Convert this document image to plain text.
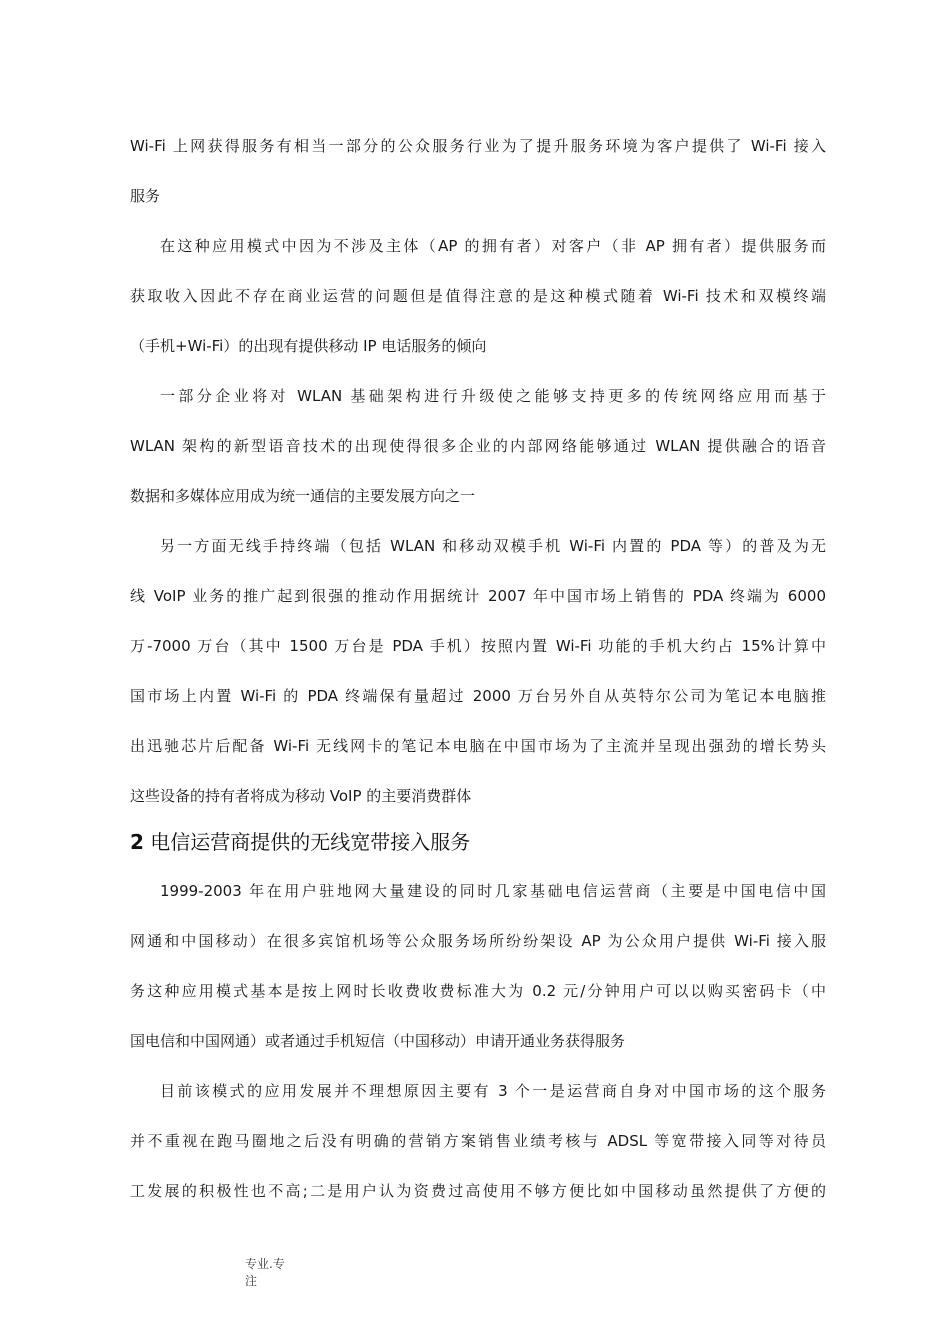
Wi-Fi 上网获得服务有相当一部分的公众服务行业为了提升服务环境为客户提供了 Wi-Fi 接入
服务
在这种应用模式中因为不涉及主体（AP 的拥有者）对客户（非 AP 拥有者）提供服务而
获取收入因此不存在商业运营的问题但是值得注意的是这种模式随着 Wi-Fi 技术和双模终端
（手机+Wi-Fi）的出现有提供移动 IP 电话服务的倾向
一部分企业将对 WLAN 基础架构进行升级使之能够支持更多的传统网络应用而基于
WLAN 架构的新型语音技术的出现使得很多企业的内部网络能够通过 WLAN 提供融合的语音
数据和多媒体应用成为统一通信的主要发展方向之一
另一方面无线手持终端（包括 WLAN 和移动双模手机 Wi-Fi 内置的 PDA 等）的普及为无
线 VoIP 业务的推广起到很强的推动作用据统计 2007 年中国市场上销售的 PDA 终端为 6000
万-7000 万台（其中 1500 万台是 PDA 手机）按照内置 Wi-Fi 功能的手机大约占 15%计算中
国市场上内置 Wi-Fi 的 PDA 终端保有量超过 2000 万台另外自从英特尔公司为笔记本电脑推
出迅驰芯片后配备 Wi-Fi 无线网卡的笔记本电脑在中国市场为了主流并呈现出强劲的增长势头
这些设备的持有者将成为移动 VoIP 的主要消费群体
2 电信运营商提供的无线宽带接入服务
1999-2003 年在用户驻地网大量建设的同时几家基础电信运营商（主要是中国电信中国
网通和中国移动）在很多宾馆机场等公众服务场所纷纷架设 AP 为公众用户提供 Wi-Fi 接入服
务这种应用模式基本是按上网时长收费收费标准大为 0.2 元/分钟用户可以以购买密码卡（中
国电信和中国网通）或者通过手机短信（中国移动）申请开通业务获得服务
目前该模式的应用发展并不理想原因主要有 3 个一是运营商自身对中国市场的这个服务
并不重视在跑马圈地之后没有明确的营销方案销售业绩考核与 ADSL 等宽带接入同等对待员
工发展的积极性也不高;二是用户认为资费过高使用不够方便比如中国移动虽然提供了方便的
专业.专
注
